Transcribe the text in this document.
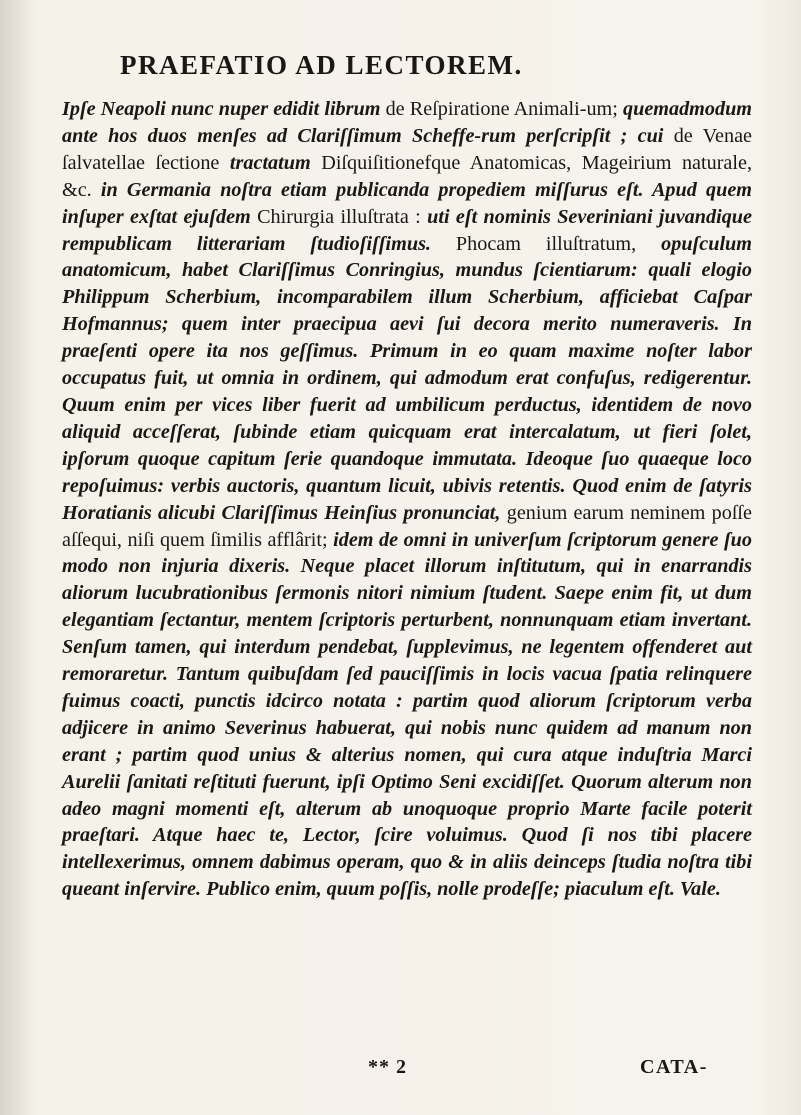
PRAEFATIO AD LECTOREM.

Ipſe Neapoli nunc nuper edidit librum de Reſpiratione Animali-um; quemadmodum ante hos duos menſes ad Clariſſimum Scheffe-rum perſcripſit ; cui de Venae ſalvatellae ſectione tractatum Diſquiſitionefque Anatomicas, Mageirium naturale, &c. in Germania noſtra etiam publicanda propediem miſſurus eſt. Apud quem inſuper exſtat ejuſdem Chirurgia illuſtrata : uti eſt nominis Severiniani juvandique rempublicam litterariam ſtudioſiſſimus. Phocam illuſtratum, opuſculum anatomicum, habet Clariſſimus Conringius, mundus ſcientiarum: quali elogio Philippum Scherbium, incomparabilem illum Scherbium, afficiebat Caſpar Hofmannus; quem inter praecipua aevi ſui decora merito numeraveris. In praeſenti opere ita nos geſſimus. Primum in eo quam maxime noſter labor occupatus fuit, ut omnia in ordinem, qui admodum erat confuſus, redigerentur. Quum enim per vices liber fuerit ad umbilicum perductus, identidem de novo aliquid acceſſerat, ſubinde etiam quicquam erat intercalatum, ut fieri ſolet, ipſorum quoque capitum ſerie quandoque immutata. Ideoque ſuo quaeque loco repoſuimus: verbis auctoris, quantum licuit, ubivis retentis. Quod enim de ſatyris Horatianis alicubi Clariſſimus Heinſius pronunciat, genium earum neminem poſſe aſſequi, niſi quem ſimilis afflârit; idem de omni in univerſum ſcriptorum genere ſuo modo non injuria dixeris. Neque placet illorum inſtitutum, qui in enarrandis aliorum lucubrationibus ſermonis nitori nimium ſtudent. Saepe enim fit, ut dum elegantiam ſectantur, mentem ſcriptoris perturbent, nonnunquam etiam invertant. Senſum tamen, qui interdum pendebat, ſupplevimus, ne legentem offenderet aut remoraretur. Tantum quibuſdam ſed pauciſſimis in locis vacua ſpatia relinquere fuimus coacti, punctis idcirco notata : partim quod aliorum ſcriptorum verba adjicere in animo Severinus habuerat, qui nobis nunc quidem ad manum non erant ; partim quod unius & alterius nomen, qui cura atque induſtria Marci Aurelii ſanitati reſtituti fuerunt, ipſi Optimo Seni excidiſſet. Quorum alterum non adeo magni momenti eſt, alterum ab unoquoque proprio Marte facile poterit praeſtari. Atque haec te, Lector, ſcire voluimus. Quod ſi nos tibi placere intellexerimus, omnem dabimus operam, quo & in aliis deinceps ſtudia noſtra tibi queant inſervire. Publico enim, quum poſſis, nolle prodeſſe; piaculum eſt. Vale.

** 2	CATA-
